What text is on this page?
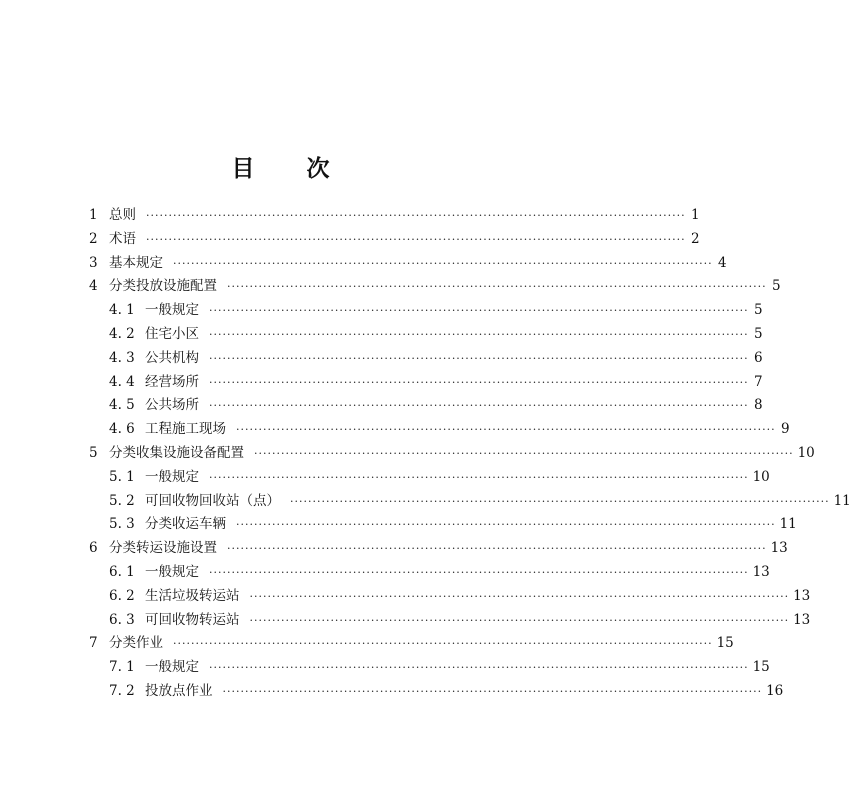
目 次
1 总则 ························································································································ 1
2 术语 ························································································································ 2
3 基本规定 ························································································································ 4
4 分类投放设施配置 ························································································································ 5
4. 1 一般规定 ························································································································ 5
4. 2 住宅小区 ························································································································ 5
4. 3 公共机构 ························································································································ 6
4. 4 经营场所 ························································································································ 7
4. 5 公共场所 ························································································································ 8
4. 6 工程施工现场 ························································································································ 9
5 分类收集设施设备配置 ························································································································ 10
5. 1 一般规定 ························································································································ 10
5. 2 可回收物回收站（点） ························································································································ 11
5. 3 分类收运车辆 ························································································································ 11
6 分类转运设施设置 ························································································································ 13
6. 1 一般规定 ························································································································ 13
6. 2 生活垃圾转运站 ························································································································ 13
6. 3 可回收物转运站 ························································································································ 13
7 分类作业 ························································································································ 15
7. 1 一般规定 ························································································································ 15
7. 2 投放点作业 ························································································································ 16
